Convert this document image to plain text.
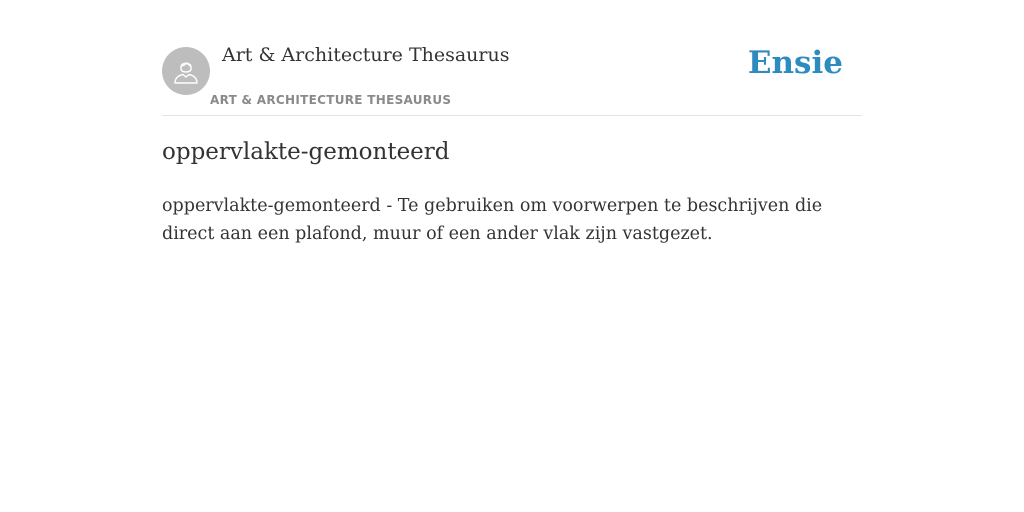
Art & Architecture Thesaurus
ART & ARCHITECTURE THESAURUS
Ensie
oppervlakte-gemonteerd

oppervlakte-gemonteerd - Te gebruiken om voorwerpen te beschrijven die direct aan een plafond, muur of een ander vlak zijn vastgezet.
